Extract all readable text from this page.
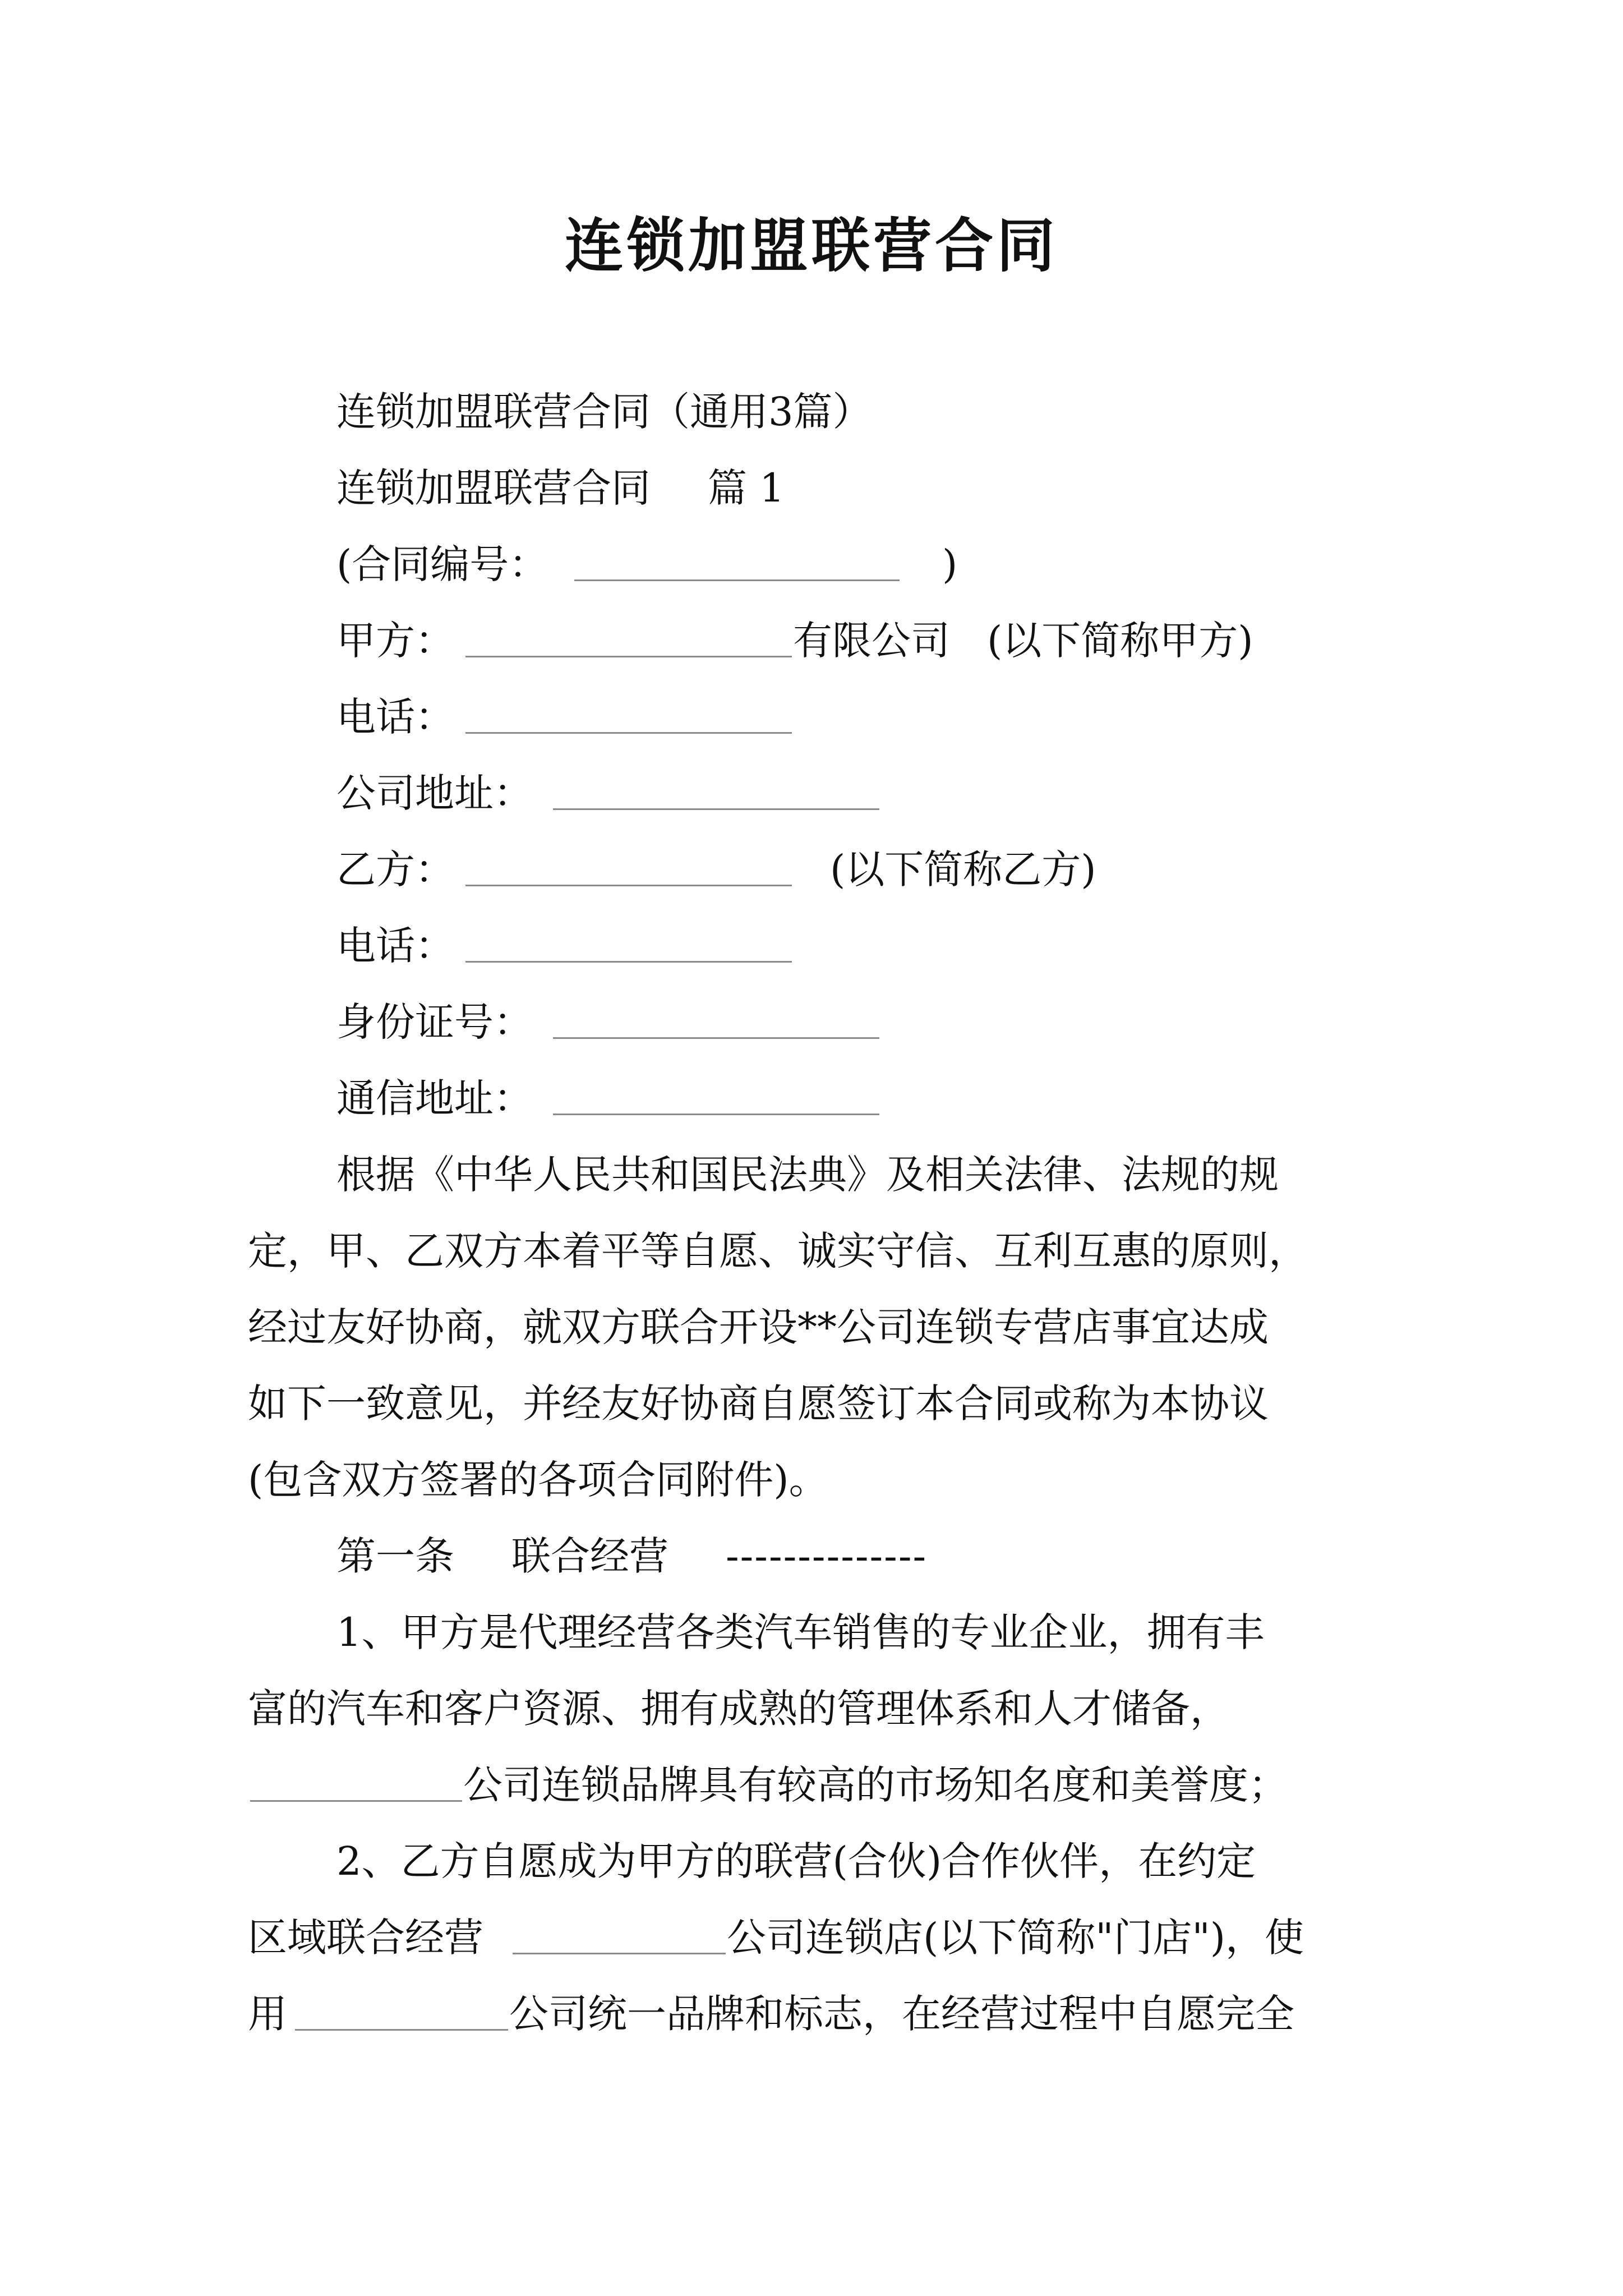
连锁加盟联营合同
连锁加盟联营合同（通用3篇）
连锁加盟联营合同 篇 1
(合同编号：	)
甲方：	有限公司 (以下简称甲方)
电话：
公司地址：
乙方：	(以下简称乙方)
电话：
身份证号：
通信地址：
根据《中华人民共和国民法典》及相关法律、法规的规
定，甲、乙双方本着平等自愿、诚实守信、互利互惠的原则，
经过友好协商，就双方联合开设**公司连锁专营店事宜达成
如下一致意见，并经友好协商自愿签订本合同或称为本协议
(包含双方签署的各项合同附件)。
第一条 联合经营 --------------
1、甲方是代理经营各类汽车销售的专业企业，拥有丰
富的汽车和客户资源、拥有成熟的管理体系和人才储备，
公司连锁品牌具有较高的市场知名度和美誉度；
2、乙方自愿成为甲方的联营(合伙)合作伙伴，在约定
区域联合经营	公司连锁店(以下简称"门店")，使
用	公司统一品牌和标志，在经营过程中自愿完全
